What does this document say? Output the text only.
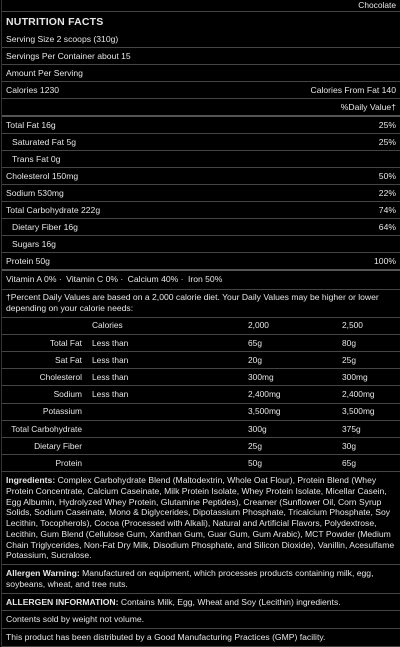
Chocolate
NUTRITION FACTS
Serving Size 2 scoops (310g)
Servings Per Container about 15
Amount Per Serving
Calories 1230	Calories From Fat 140
%Daily Value†
Total Fat 16g	25%
Saturated Fat 5g	25%
Trans Fat 0g
Cholesterol 150mg	50%
Sodium 530mg	22%
Total Carbohydrate 222g	74%
Dietary Fiber 16g	64%
Sugars 16g
Protein 50g	100%
Vitamin A 0% · Vitamin C 0% · Calcium 40% · Iron 50%
†Percent Daily Values are based on a 2,000 calorie diet. Your Daily Values may be higher or lower depending on your calorie needs:
	Calories	2,000	2,500
Total Fat	Less than	65g	80g
Sat Fat	Less than	20g	25g
Cholesterol	Less than	300mg	300mg
Sodium	Less than	2,400mg	2,400mg
Potassium		3,500mg	3,500mg
Total Carbohydrate		300g	375g
Dietary Fiber		25g	30g
Protein		50g	65g
Ingredients: Complex Carbohydrate Blend (Maltodextrin, Whole Oat Flour), Protein Blend (Whey Protein Concentrate, Calcium Caseinate, Milk Protein Isolate, Whey Protein Isolate, Micellar Casein, Egg Albumin, Hydrolyzed Whey Protein, Glutamine Peptides), Creamer (Sunflower Oil, Corn Syrup Solids, Sodium Caseinate, Mono & Diglycerides, Dipotassium Phosphate, Tricalcium Phosphate, Soy Lecithin, Tocopherols), Cocoa (Processed with Alkali), Natural and Artificial Flavors, Polydextrose, Lecithin, Gum Blend (Cellulose Gum, Xanthan Gum, Guar Gum, Gum Arabic), MCT Powder (Medium Chain Triglycerides, Non-Fat Dry Milk, Disodium Phosphate, and Silicon Dioxide), Vanillin, Acesulfame Potassium, Sucralose.
Allergen Warning: Manufactured on equipment, which processes products containing milk, egg, soybeans, wheat, and tree nuts.
ALLERGEN INFORMATION: Contains Milk, Egg, Wheat and Soy (Lecithin) ingredients.
Contents sold by weight not volume.
This product has been distributed by a Good Manufacturing Practices (GMP) facility.
